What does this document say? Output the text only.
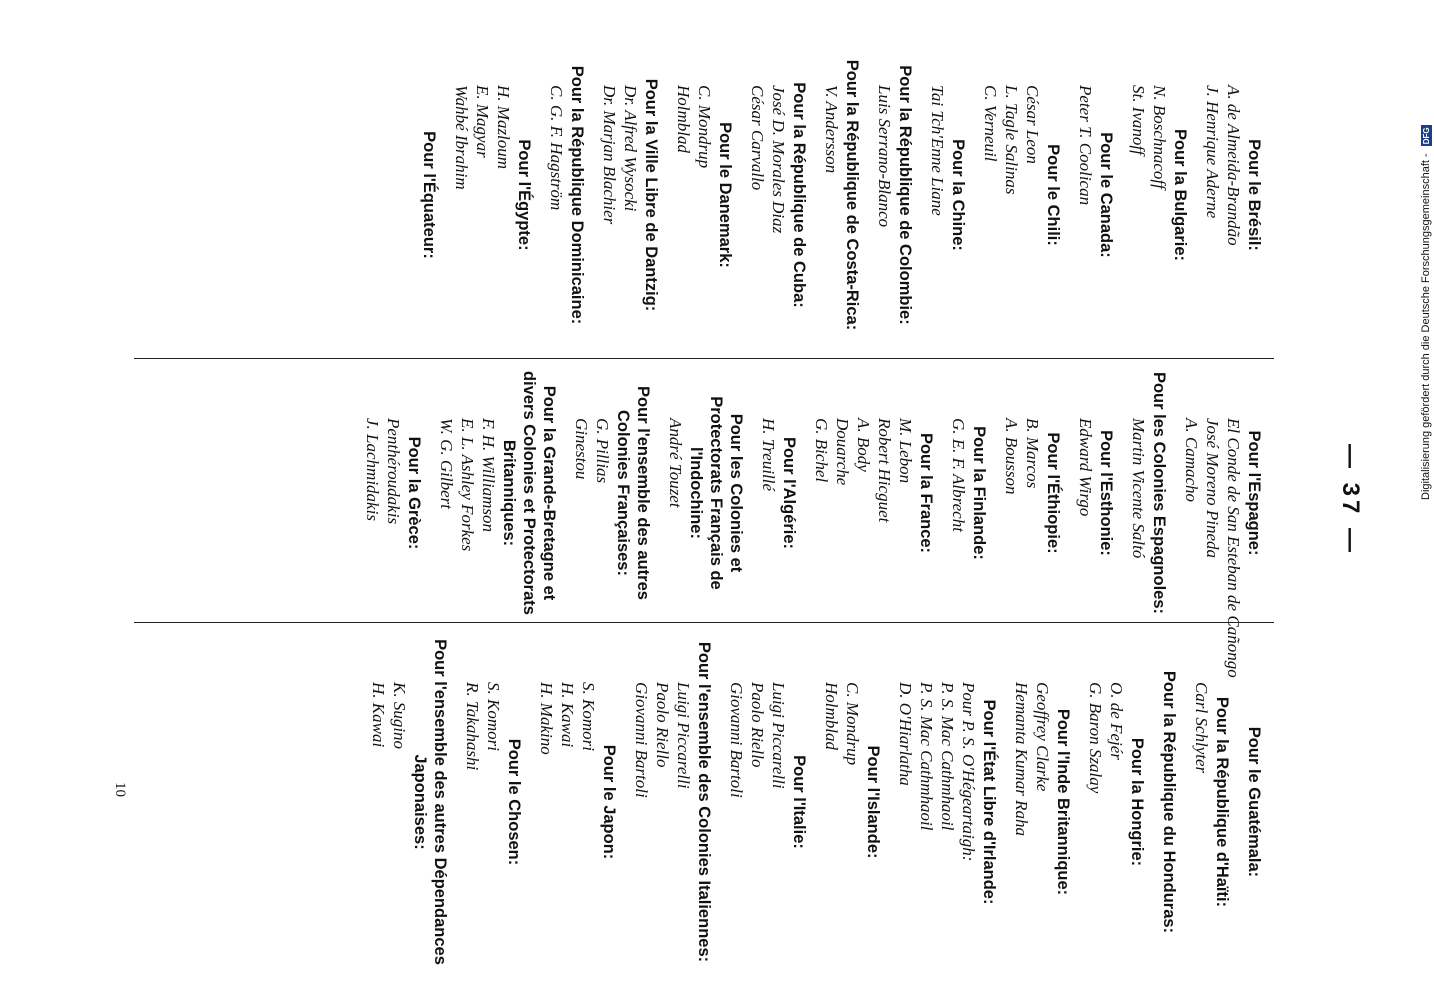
— 37 —
Pour le Brésil:
A. de Almeida-Brandão
J. Henrique Aderne
Pour la Bulgarie:
N. Boschnacoff
St. Ivanoff
Pour le Canada:
Peter T. Coolican
Pour le Chili:
César Leon
L. Tagle Salinas
C. Verneuil
Pour la Chine:
Tai Tch'Enne Liane
Pour la République de Colombie:
Luis Serrano-Blanco
Pour la République de Costa-Rica:
V. Andersson
Pour la République de Cuba:
José D. Morales Diaz
César Carvallo
Pour le Danemark:
C. Mondrup
Holmblad
Pour la Ville Libre de Dantzig:
Dr. Alfred Wysocki
Dr. Marjan Blachier
Pour la République Dominicaine:
C. G. F. Hagström
Pour l'Égypte:
H. Mazloum
E. Magyar
Wahbé Ibrahim
Pour l'Équateur:
Pour l'Espagne:
El Conde de San Esteban de Cañongo
José Moreno Pineda
A. Camacho
Pour les Colonies Espagnoles:
Martin Vicente Saltó
Pour l'Esthonie:
Edward Wirgo
Pour l'Éthiopie:
B. Marcos
A. Bousson
Pour la Finlande:
G. E. F. Albrecht
Pour la France:
M. Lebon
Robert Hicguet
A. Body
Douarche
G. Bichel
Pour l'Algérie:
H. Treuillé
Pour les Colonies et Protectorats Français de l'Indochine:
André Touzet
Pour l'ensemble des autres Colonies Françaises:
G. Pillias
Ginestou
Pour la Grande-Bretagne et divers Colonies et Protectorats Britanniques:
F. H. Williamson
E. L. Ashley Forkes
W. G. Gilbert
Pour la Grèce:
Penthéroudakis
J. Lachmidakis
Pour le Guatémala:
Pour la République d'Haïti:
Carl Schlyter
Pour la République du Honduras:
Pour la Hongrie:
O. de Fejér
G. Baron Szalay
Pour l'Inde Britannique:
Geoffrey Clarke
Hemanta Kumar Raha
Pour l'État Libre d'Irlande:
Pour P. S. O'Hégeartaigh:
P. S. Mac Cathmhaoil
P. S. Mac Cathmhaoil
D. O'Hiarlatha
Pour l'Islande:
C. Mondrup
Holmblad
Pour l'Italie:
Luigi Piccarelli
Paolo Riello
Giovanni Bartoli
Pour l'ensemble des Colonies Italiennes:
Luigi Piccarelli
Paolo Riello
Giovanni Bartoli
Pour le Japon:
S. Komori
H. Kawai
H. Makino
Pour le Chosen:
S. Komori
R. Takahashi
Pour l'ensemble des autres Dépendances Japonaises:
K. Sugino
H. Kawai
10
Digitalisierung gefördert durch die Deutsche Forschungsgemeinschaft - DFG
